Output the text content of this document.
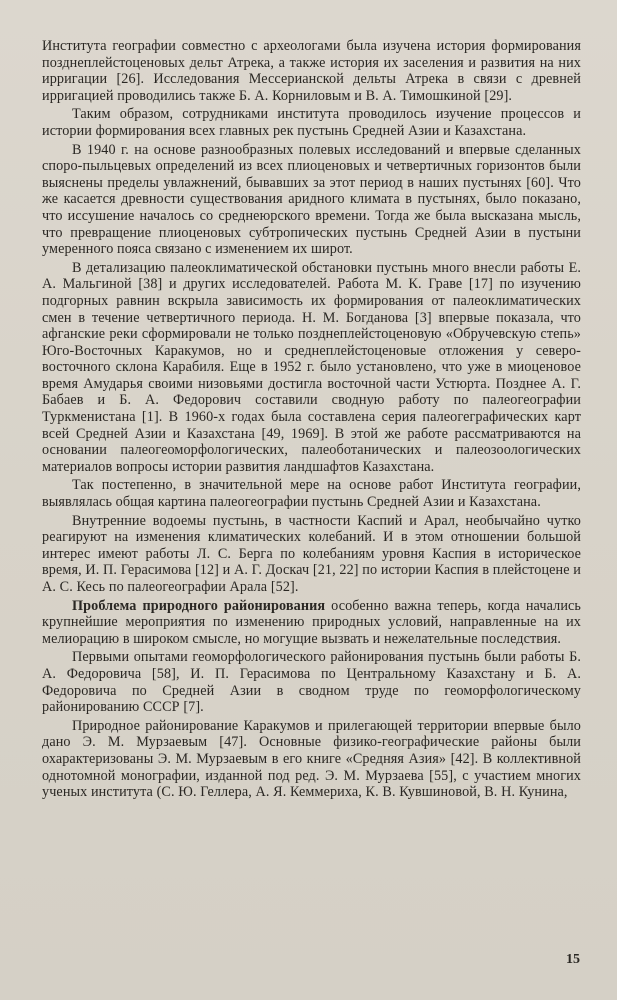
Института географии совместно с археологами была изучена история формирования позднеплейстоценовых дельт Атрека, а также история их заселения и развития на них ирригации [26]. Исследования Мессерианской дельты Атрека в связи с древней ирригацией проводились также Б. А. Корниловым и В. А. Тимошкиной [29].

Таким образом, сотрудниками института проводилось изучение процессов и истории формирования всех главных рек пустынь Средней Азии и Казахстана.

В 1940 г. на основе разнообразных полевых исследований и впервые сделанных споро-пыльцевых определений из всех плиоценовых и четвертичных горизонтов были выяснены пределы увлажнений, бывавших за этот период в наших пустынях [60]. Что же касается древности существования аридного климата в пустынях, было показано, что иссушение началось со среднеюрского времени. Тогда же была высказана мысль, что превращение плиоценовых субтропических пустынь Средней Азии в пустыни умеренного пояса связано с изменением их широт.

В детализацию палеоклиматической обстановки пустынь много внесли работы Е. А. Мальгиной [38] и других исследователей. Работа М. К. Граве [17] по изучению подгорных равнин вскрыла зависимость их формирования от палеоклиматических смен в течение четвертичного периода. Н. М. Богданова [3] впервые показала, что афганские реки сформировали не только позднеплейстоценовую «Обручевскую степь» Юго-Восточных Каракумов, но и среднеплейстоценовые отложения у северо-восточного склона Карабиля. Еще в 1952 г. было установлено, что уже в миоценовое время Амударья своими низовьями достигла восточной части Устюрта. Позднее А. Г. Бабаев и Б. А. Федорович составили сводную работу по палеогеографии Туркменистана [1]. В 1960-х годах была составлена серия палеогеграфических карт всей Средней Азии и Казахстана [49, 1969]. В этой же работе рассматриваются на основании палеогеоморфологических, палеоботанических и палеозоологических материалов вопросы истории развития ландшафтов Казахстана.

Так постепенно, в значительной мере на основе работ Института географии, выявлялась общая картина палеогеографии пустынь Средней Азии и Казахстана.

Внутренние водоемы пустынь, в частности Каспий и Арал, необычайно чутко реагируют на изменения климатических колебаний. И в этом отношении большой интерес имеют работы Л. С. Берга по колебаниям уровня Каспия в историческое время, И. П. Герасимова [12] и А. Г. Доскач [21, 22] по истории Каспия в плейстоцене и А. С. Кесь по палеогеографии Арала [52].

Проблема природного районирования особенно важна теперь, когда начались крупнейшие мероприятия по изменению природных условий, направленные на их мелиорацию в широком смысле, но могущие вызвать и нежелательные последствия.

Первыми опытами геоморфологического районирования пустынь были работы Б. А. Федоровича [58], И. П. Герасимова по Центральному Казахстану и Б. А. Федоровича по Средней Азии в сводном труде по геоморфологическому районированию СССР [7].

Природное районирование Каракумов и прилегающей территории впервые было дано Э. М. Мурзаевым [47]. Основные физико-географические районы были охарактеризованы Э. М. Мурзаевым в его книге «Средняя Азия» [42]. В коллективной однотомной монографии, изданной под ред. Э. М. Мурзаева [55], с участием многих ученых института (С. Ю. Геллера, А. Я. Кеммериха, К. В. Кувшиновой, В. Н. Кунина,

15
